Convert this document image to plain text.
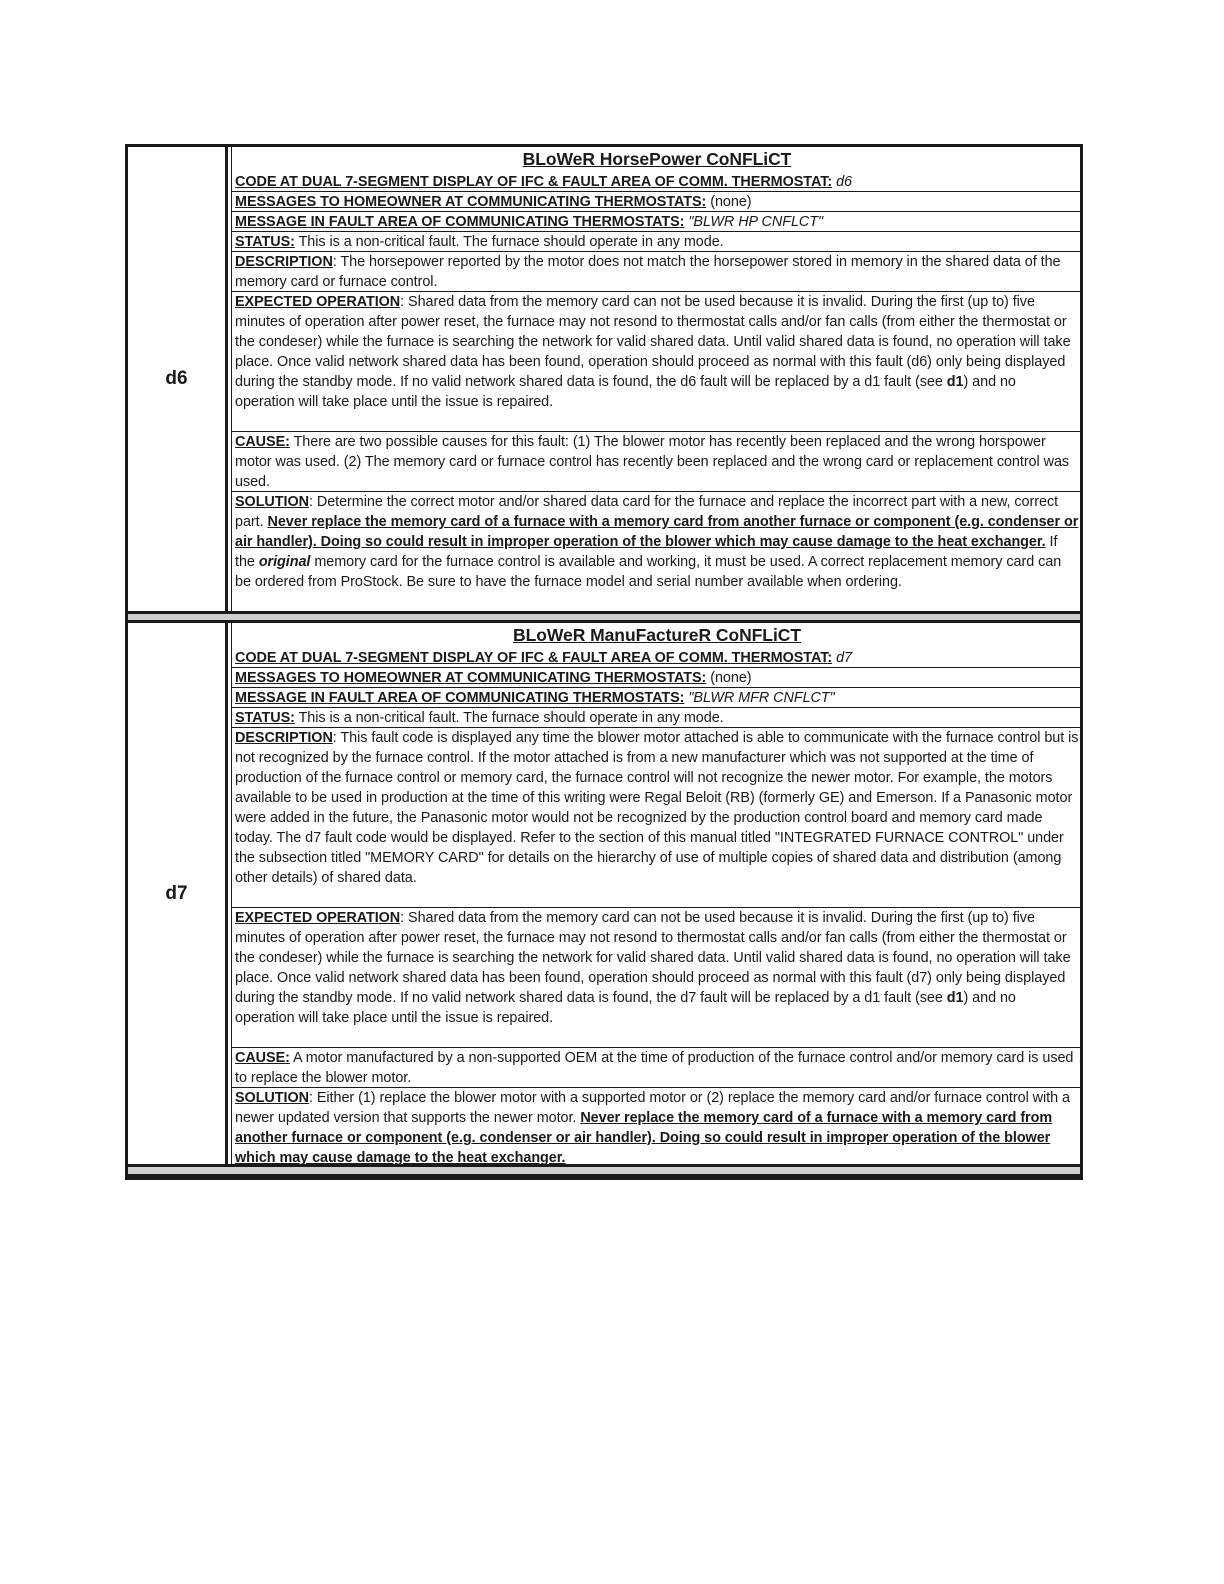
d6
BLoWeR HorsePower CoNFLiCT
CODE AT DUAL 7-SEGMENT DISPLAY OF IFC & FAULT AREA OF COMM. THERMOSTAT: d6
MESSAGES TO HOMEOWNER AT COMMUNICATING THERMOSTATS: (none)
MESSAGE IN FAULT AREA OF COMMUNICATING THERMOSTATS: "BLWR HP CNFLCT"
STATUS: This is a non-critical fault. The furnace should operate in any mode.
DESCRIPTION: The horsepower reported by the motor does not match the horsepower stored in memory in the shared data of the memory card or furnace control.
EXPECTED OPERATION: Shared data from the memory card can not be used because it is invalid. During the first (up to) five minutes of operation after power reset, the furnace may not resond to thermostat calls and/or fan calls (from either the thermostat or the condeser) while the furnace is searching the network for valid shared data. Until valid shared data is found, no operation will take place. Once valid network shared data has been found, operation should proceed as normal with this fault (d6) only being displayed during the standby mode. If no valid network shared data is found, the d6 fault will be replaced by a d1 fault (see d1) and no operation will take place until the issue is repaired.
CAUSE: There are two possible causes for this fault: (1) The blower motor has recently been replaced and the wrong horspower motor was used. (2) The memory card or furnace control has recently been replaced and the wrong card or replacement control was used.
SOLUTION: Determine the correct motor and/or shared data card for the furnace and replace the incorrect part with a new, correct part. Never replace the memory card of a furnace with a memory card from another furnace or component (e.g. condenser or air handler). Doing so could result in improper operation of the blower which may cause damage to the heat exchanger. If the original memory card for the furnace control is available and working, it must be used. A correct replacement memory card can be ordered from ProStock. Be sure to have the furnace model and serial number available when ordering.
d7
BLoWeR ManuFactureR CoNFLiCT
CODE AT DUAL 7-SEGMENT DISPLAY OF IFC & FAULT AREA OF COMM. THERMOSTAT: d7
MESSAGES TO HOMEOWNER AT COMMUNICATING THERMOSTATS: (none)
MESSAGE IN FAULT AREA OF COMMUNICATING THERMOSTATS: "BLWR MFR CNFLCT"
STATUS: This is a non-critical fault. The furnace should operate in any mode.
DESCRIPTION: This fault code is displayed any time the blower motor attached is able to communicate with the furnace control but is not recognized by the furnace control. If the motor attached is from a new manufacturer which was not supported at the time of production of the furnace control or memory card, the furnace control will not recognize the newer motor. For example, the motors available to be used in production at the time of this writing were Regal Beloit (RB) (formerly GE) and Emerson. If a Panasonic motor were added in the future, the Panasonic motor would not be recognized by the production control board and memory card made today. The d7 fault code would be displayed. Refer to the section of this manual titled "INTEGRATED FURNACE CONTROL" under the subsection titled "MEMORY CARD" for details on the hierarchy of use of multiple copies of shared data and distribution (among other details) of shared data.
EXPECTED OPERATION: Shared data from the memory card can not be used because it is invalid. During the first (up to) five minutes of operation after power reset, the furnace may not resond to thermostat calls and/or fan calls (from either the thermostat or the condeser) while the furnace is searching the network for valid shared data. Until valid shared data is found, no operation will take place. Once valid network shared data has been found, operation should proceed as normal with this fault (d7) only being displayed during the standby mode. If no valid network shared data is found, the d7 fault will be replaced by a d1 fault (see d1) and no operation will take place until the issue is repaired.
CAUSE: A motor manufactured by a non-supported OEM at the time of production of the furnace control and/or memory card is used to replace the blower motor.
SOLUTION: Either (1) replace the blower motor with a supported motor or (2) replace the memory card and/or furnace control with a newer updated version that supports the newer motor. Never replace the memory card of a furnace with a memory card from another furnace or component (e.g. condenser or air handler). Doing so could result in improper operation of the blower which may cause damage to the heat exchanger.
